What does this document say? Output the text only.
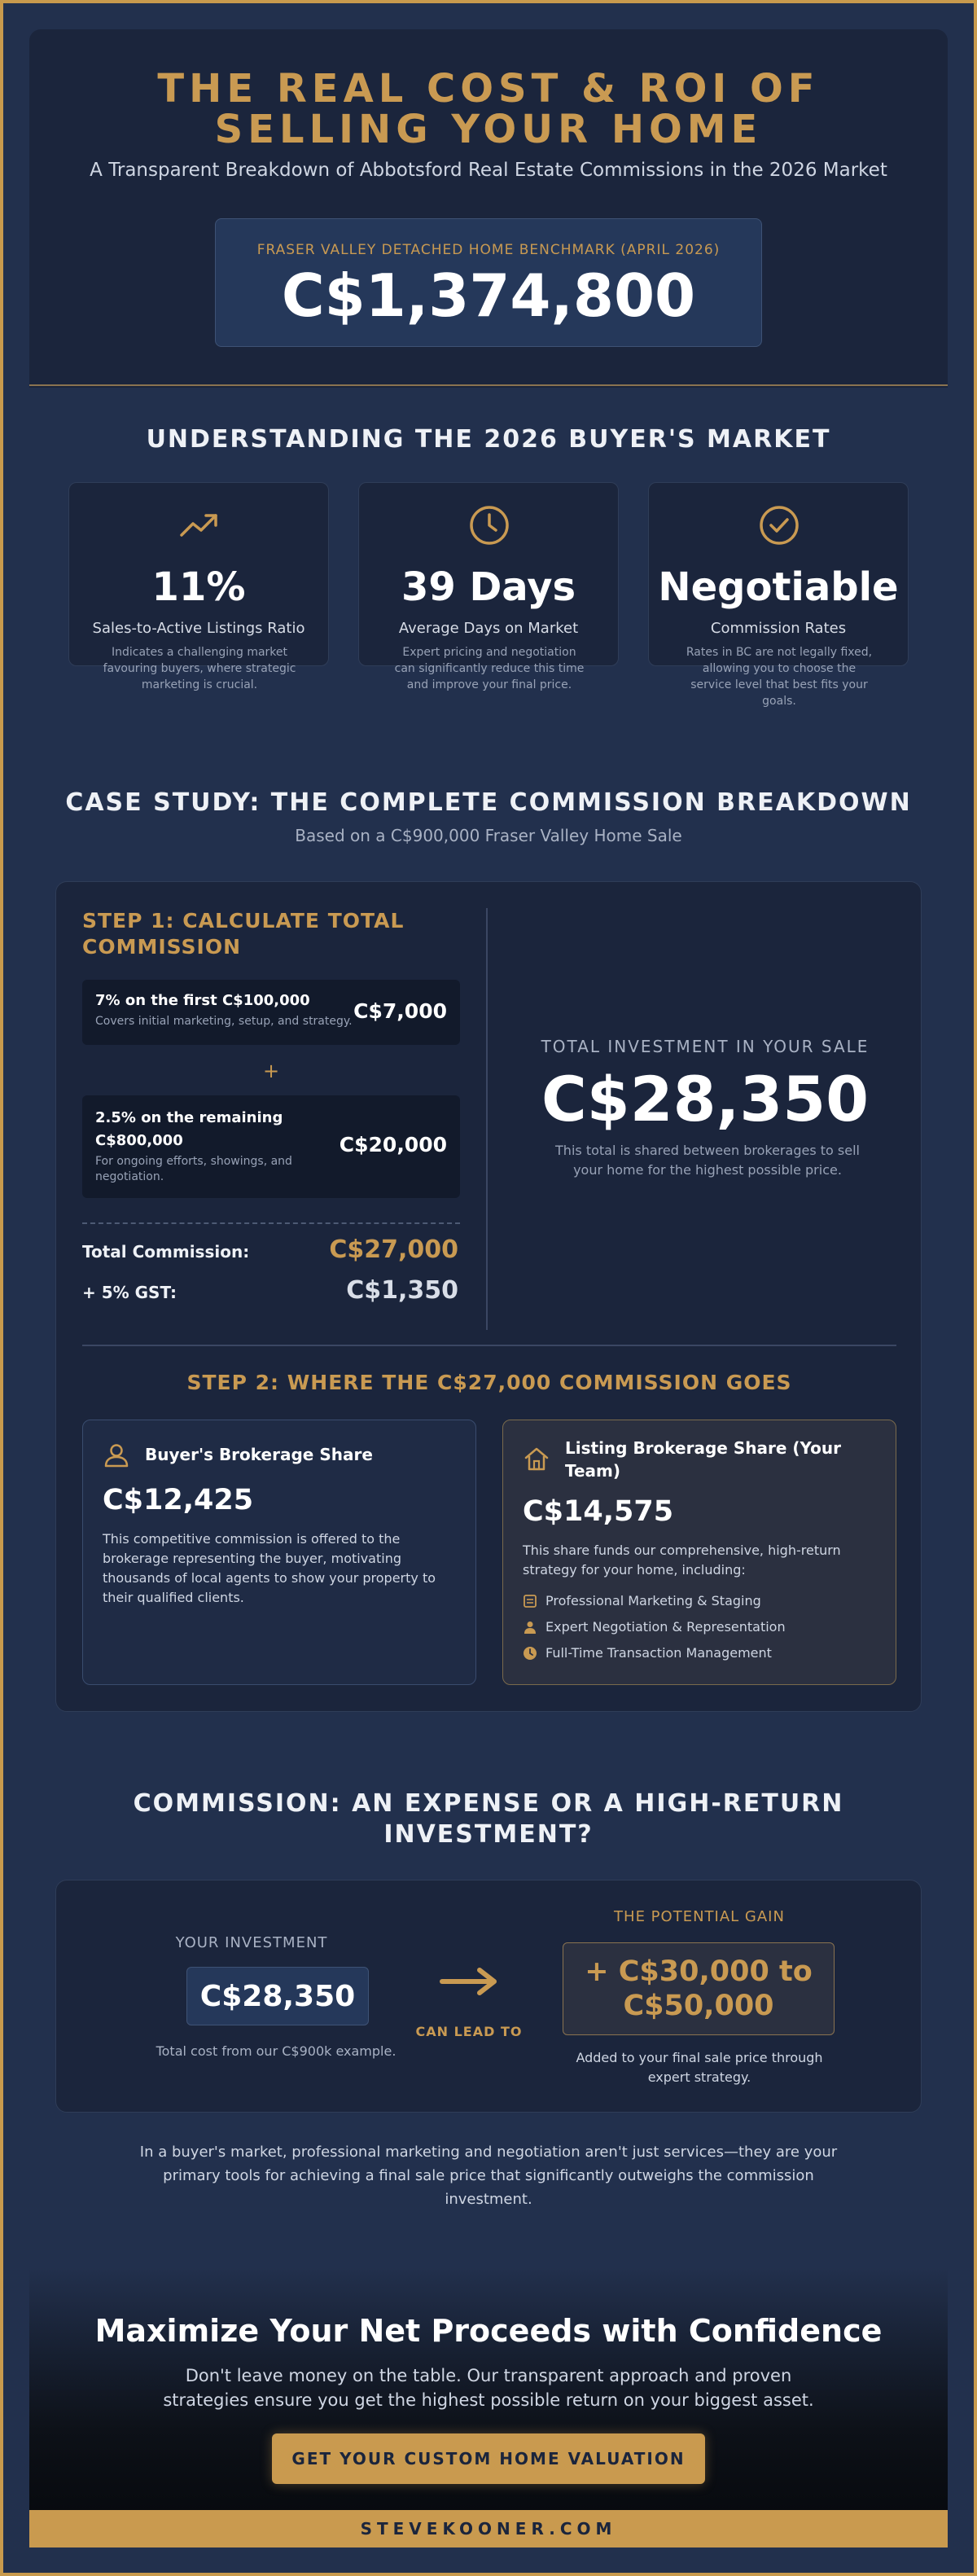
THE REAL COST & ROI OF
SELLING YOUR HOME
A Transparent Breakdown of Abbotsford Real Estate Commissions in the 2026 Market
FRASER VALLEY DETACHED HOME BENCHMARK (APRIL 2026)
C$1,374,800
UNDERSTANDING THE 2026 BUYER'S MARKET
11%
Sales-to-Active Listings Ratio
Indicates a challenging market favouring buyers, where strategic marketing is crucial.
39 Days
Average Days on Market
Expert pricing and negotiation can significantly reduce this time and improve your final price.
Negotiable
Commission Rates
Rates in BC are not legally fixed, allowing you to choose the service level that best fits your goals.
CASE STUDY: THE COMPLETE COMMISSION BREAKDOWN
Based on a C$900,000 Fraser Valley Home Sale
STEP 1: CALCULATE TOTAL COMMISSION
7% on the first C$100,000
Covers initial marketing, setup, and strategy. C$7,000
+
2.5% on the remaining C$800,000
For ongoing efforts, showings, and negotiation.
C$20,000
Total Commission:	C$27,000
+ 5% GST:	C$1,350
TOTAL INVESTMENT IN YOUR SALE
C$28,350
This total is shared between brokerages to sell your home for the highest possible price.
STEP 2: WHERE THE C$27,000 COMMISSION GOES
Buyer's Brokerage Share
C$12,425
This competitive commission is offered to the brokerage representing the buyer, motivating thousands of local agents to show your property to their qualified clients.
Listing Brokerage Share (Your Team)
C$14,575
This share funds our comprehensive, high-return strategy for your home, including:
Professional Marketing & Staging
Expert Negotiation & Representation
Full-Time Transaction Management
COMMISSION: AN EXPENSE OR A HIGH-RETURN
INVESTMENT?
YOUR INVESTMENT
C$28,350
Total cost from our C$900k example.
CAN LEAD TO
THE POTENTIAL GAIN
+ C$30,000 to
C$50,000
Added to your final sale price through expert strategy.
In a buyer's market, professional marketing and negotiation aren't just services—they are your primary tools for achieving a final sale price that significantly outweighs the commission investment.
Maximize Your Net Proceeds with Confidence
Don't leave money on the table. Our transparent approach and proven strategies ensure you get the highest possible return on your biggest asset.
GET YOUR CUSTOM HOME VALUATION
STEVEKOONER.COM
